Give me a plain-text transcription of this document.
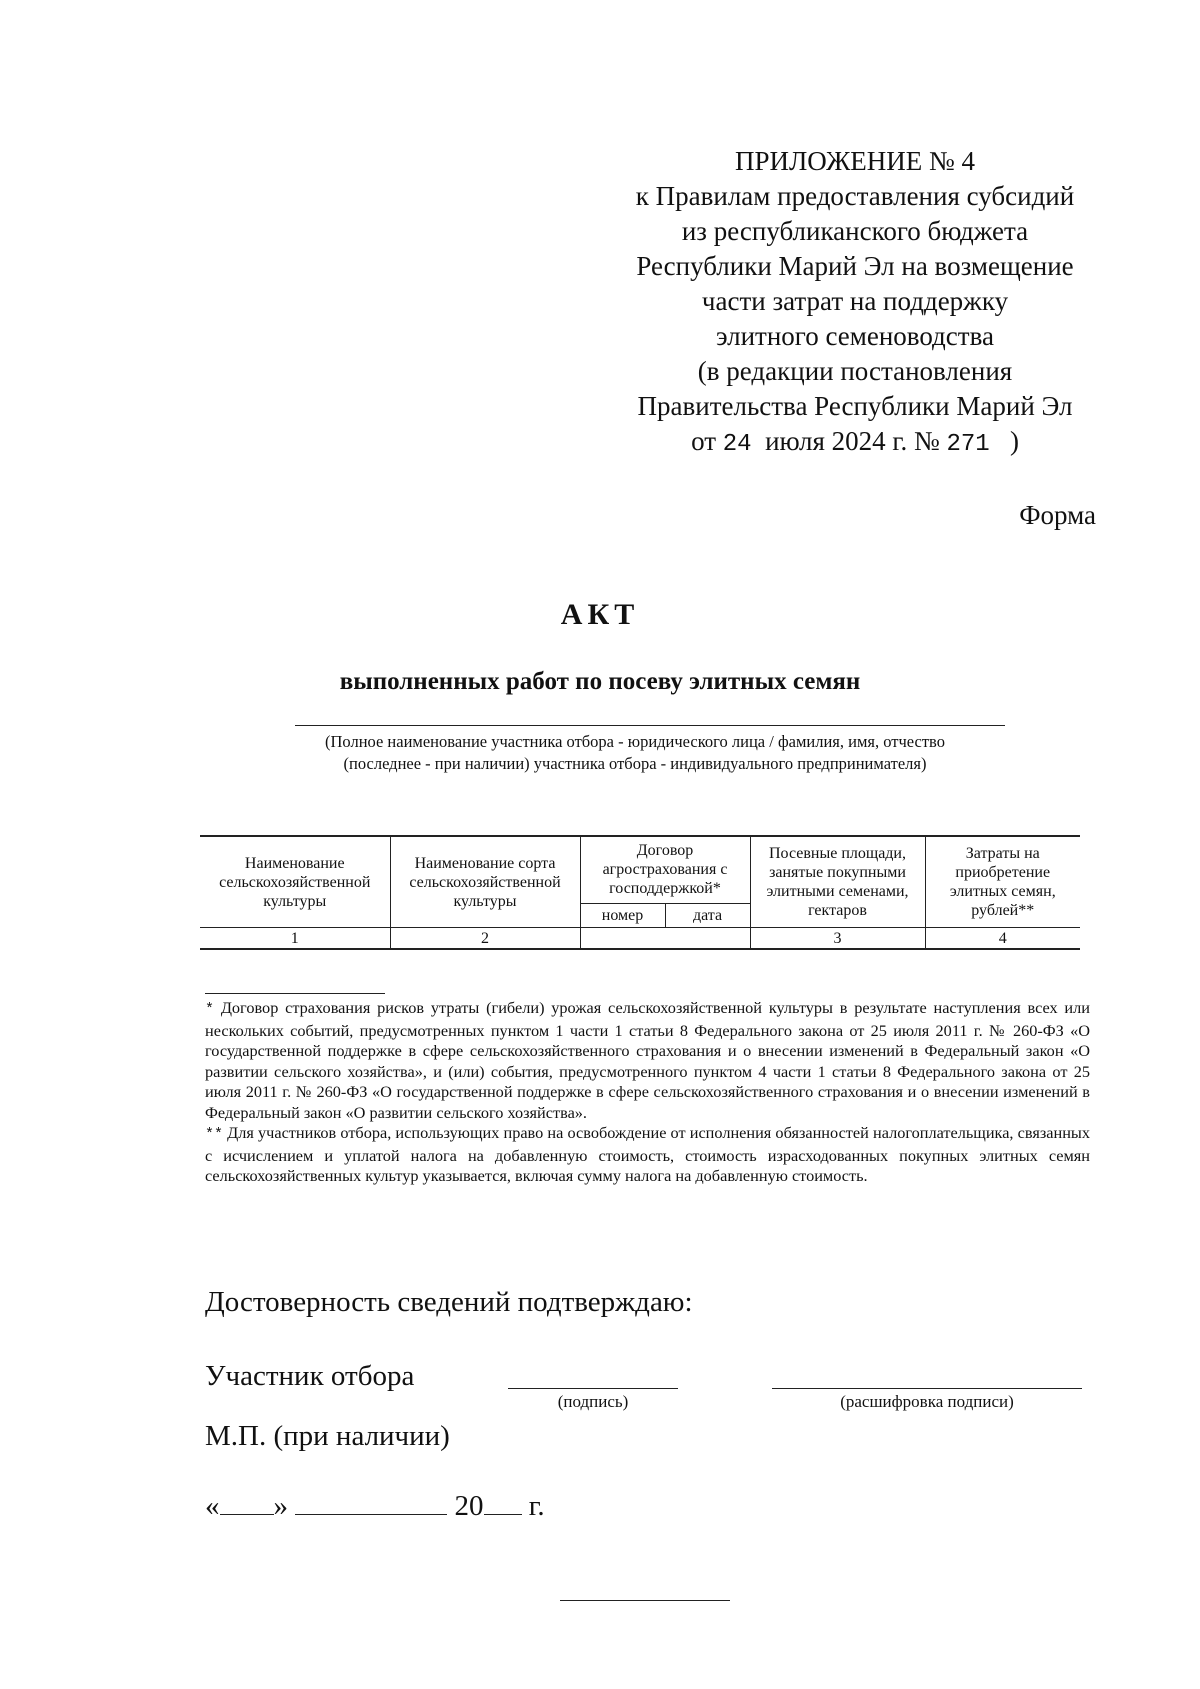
ПРИЛОЖЕНИЕ № 4
к Правилам предоставления субсидий
из республиканского бюджета
Республики Марий Эл на возмещение
части затрат на поддержку
элитного семеноводства
(в редакции постановления
Правительства Республики Марий Эл
от 24 июля 2024 г. № 271 )
Форма
АКТ
выполненных работ по посеву элитных семян
(Полное наименование участника отбора - юридического лица / фамилия, имя, отчество
(последнее - при наличии) участника отбора - индивидуального предпринимателя)
Наименование сельскохозяйственной культуры	Наименование сорта сельскохозяйственной культуры	Договор агрострахования с господдержкой*		Посевные площади, занятые покупными элитными семенами, гектаров	Затраты на приобретение элитных семян, рублей**
		номер	дата		
1	2			3	4

* Договор страхования рисков утраты (гибели) урожая сельскохозяйственной культуры в результате наступления всех или нескольких событий, предусмотренных пунктом 1 части 1 статьи 8 Федерального закона от 25 июля 2011 г. № 260-ФЗ «О государственной поддержке в сфере сельскохозяйственного страхования и о внесении изменений в Федеральный закон «О развитии сельского хозяйства», и (или) события, предусмотренного пунктом 4 части 1 статьи 8 Федерального закона от 25 июля 2011 г. № 260-ФЗ «О государственной поддержке в сфере сельскохозяйственного страхования и о внесении изменений в Федеральный закон «О развитии сельского хозяйства».

** Для участников отбора, использующих право на освобождение от исполнения обязанностей налогоплательщика, связанных с исчислением и уплатой налога на добавленную стоимость, стоимость израсходованных покупных элитных семян сельскохозяйственных культур указывается, включая сумму налога на добавленную стоимость.

Достоверность сведений подтверждаю:
Участник отбора
(подпись)	(расшифровка подписи)
М.П. (при наличии)
« »	20 г.
